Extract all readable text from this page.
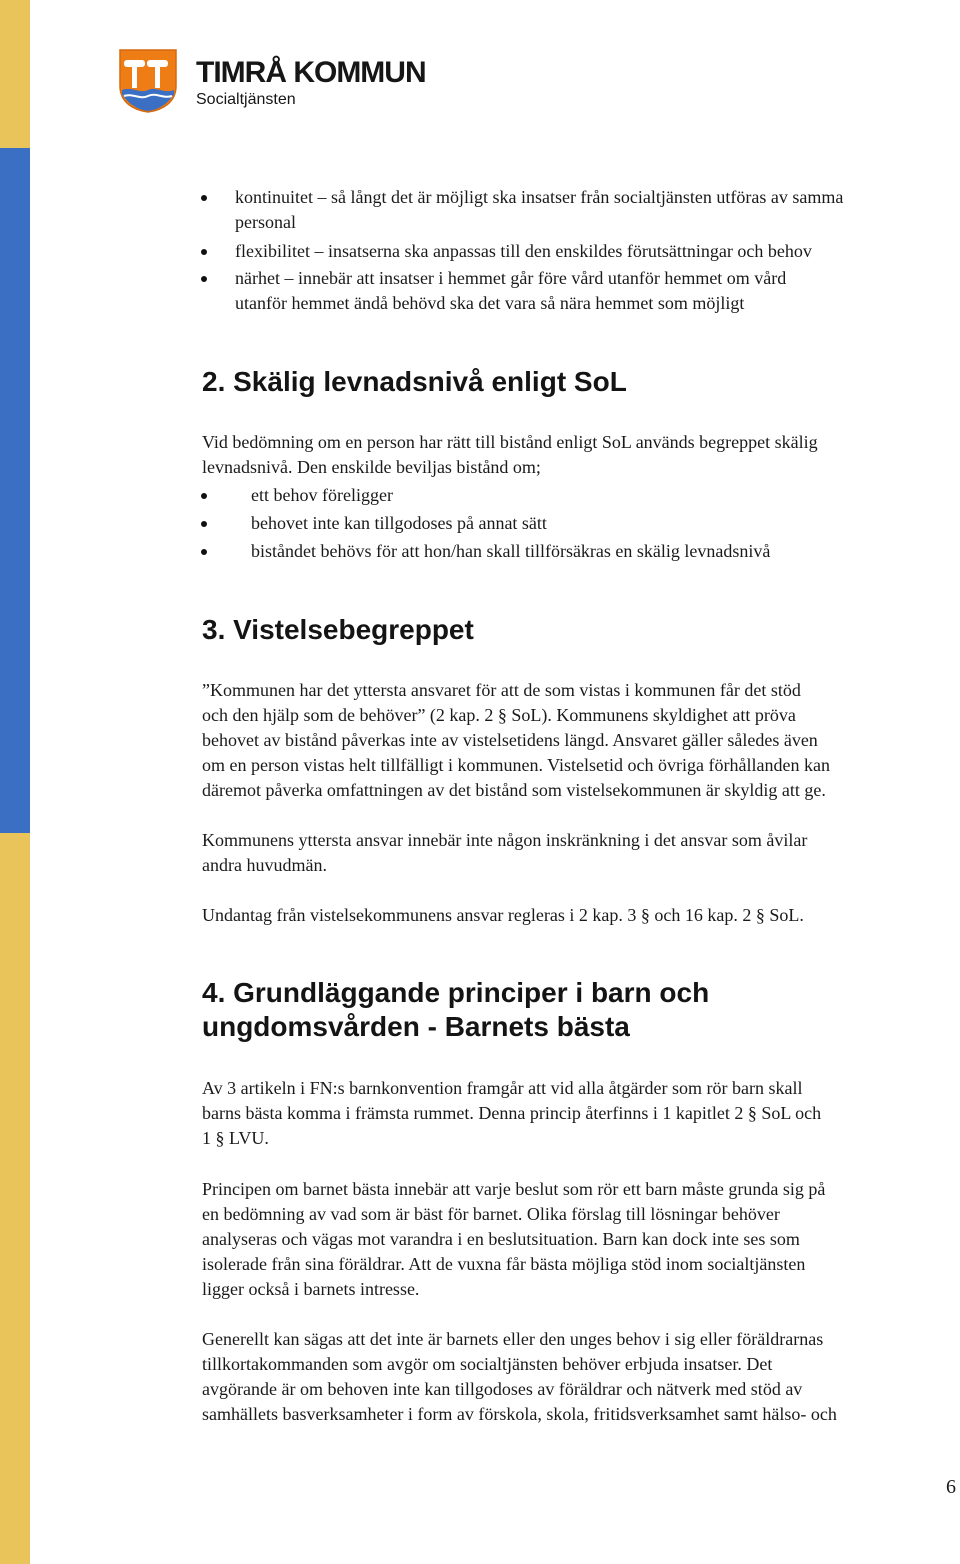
TIMRÅ KOMMUN
Socialtjänsten
kontinuitet – så långt det är möjligt ska insatser från socialtjänsten utföras av samma
personal
flexibilitet – insatserna ska anpassas till den enskildes förutsättningar och behov
närhet – innebär att insatser i hemmet går före vård utanför hemmet om vård
utanför hemmet ändå behövd ska det vara så nära hemmet som möjligt
2. Skälig levnadsnivå enligt SoL
Vid bedömning om en person har rätt till bistånd enligt SoL används begreppet skälig
levnadsnivå. Den enskilde beviljas bistånd om;
ett behov föreligger
behovet inte kan tillgodoses på annat sätt
biståndet behövs för att hon/han skall tillförsäkras en skälig levnadsnivå
3. Vistelsebegreppet
”Kommunen har det yttersta ansvaret för att de som vistas i kommunen får det stöd
och den hjälp som de behöver” (2 kap. 2 § SoL). Kommunens skyldighet att pröva
behovet av bistånd påverkas inte av vistelsetidens längd. Ansvaret gäller således även
om en person vistas helt tillfälligt i kommunen. Vistelsetid och övriga förhållanden kan
däremot påverka omfattningen av det bistånd som vistelsekommunen är skyldig att ge.
Kommunens yttersta ansvar innebär inte någon inskränkning i det ansvar som åvilar
andra huvudmän.
Undantag från vistelsekommunens ansvar regleras i 2 kap. 3 § och 16 kap. 2 § SoL.
4. Grundläggande principer i barn och
ungdomsvården - Barnets bästa
Av 3 artikeln i FN:s barnkonvention framgår att vid alla åtgärder som rör barn skall
barns bästa komma i främsta rummet. Denna princip återfinns i 1 kapitlet 2 § SoL och
1 § LVU.
Principen om barnet bästa innebär att varje beslut som rör ett barn måste grunda sig på
en bedömning av vad som är bäst för barnet. Olika förslag till lösningar behöver
analyseras och vägas mot varandra i en beslutsituation. Barn kan dock inte ses som
isolerade från sina föräldrar. Att de vuxna får bästa möjliga stöd inom socialtjänsten
ligger också i barnets intresse.
Generellt kan sägas att det inte är barnets eller den unges behov i sig eller föräldrarnas
tillkortakommanden som avgör om socialtjänsten behöver erbjuda insatser. Det
avgörande är om behoven inte kan tillgodoses av föräldrar och nätverk med stöd av
samhällets basverksamheter i form av förskola, skola, fritidsverksamhet samt hälso- och
6
